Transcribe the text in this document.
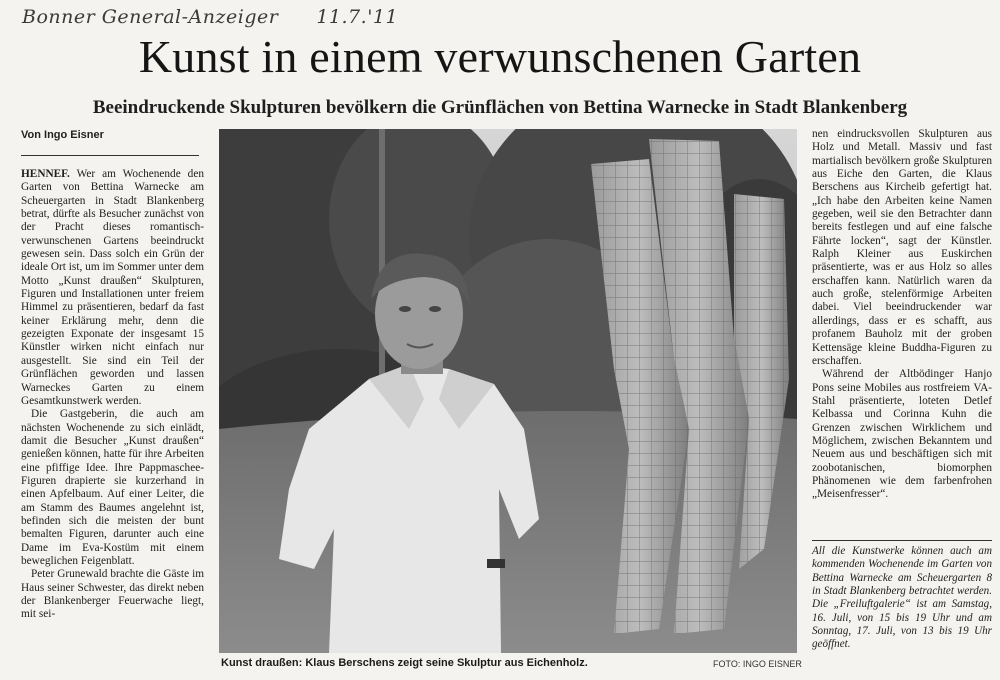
Bonner General-Anzeiger 11.7.'11
Kunst in einem verwunschenen Garten
Beeindruckende Skulpturen bevölkern die Grünflächen von Bettina Warnecke in Stadt Blankenberg
Von Ingo Eisner

HENNEF. Wer am Wochenende den Garten von Bettina Warnecke am Scheuergarten in Stadt Blankenberg betrat, dürfte als Besucher zunächst von der Pracht dieses romantisch-verwunschenen Gartens beeindruckt gewesen sein. Dass solch ein Grün der ideale Ort ist, um im Sommer unter dem Motto „Kunst draußen“ Skulpturen, Figuren und Installationen unter freiem Himmel zu präsentieren, bedarf da fast keiner Erklärung mehr, denn die gezeigten Exponate der insgesamt 15 Künstler wirken nicht einfach nur ausgestellt. Sie sind ein Teil der Grünflächen geworden und lassen Warneckes Garten zu einem Gesamtkunstwerk werden.

Die Gastgeberin, die auch am nächsten Wochenende zu sich einlädt, damit die Besucher „Kunst draußen“ genießen können, hatte für ihre Arbeiten eine pfiffige Idee. Ihre Pappmaschee-Figuren drapierte sie kurzerhand in einen Apfelbaum. Auf einer Leiter, die am Stamm des Baumes angelehnt ist, befinden sich die meisten der bunt bemalten Figuren, darunter auch eine Dame im Eva-Kostüm mit einem beweglichen Feigenblatt.

Peter Grunewald brachte die Gäste im Haus seiner Schwester, das direkt neben der Blankenberger Feuerwache liegt, mit sei-

Kunst draußen: Klaus Berschens zeigt seine Skulptur aus Eichenholz.	FOTO: INGO EISNER

nen eindrucksvollen Skulpturen aus Holz und Metall. Massiv und fast martialisch bevölkern große Skulpturen aus Eiche den Garten, die Klaus Berschens aus Kircheib gefertigt hat. „Ich habe den Arbeiten keine Namen gegeben, weil sie den Betrachter dann bereits festlegen und auf eine falsche Fährte locken“, sagt der Künstler. Ralph Kleiner aus Euskirchen präsentierte, was er aus Holz so alles erschaffen kann. Natürlich waren da auch große, stelenförmige Arbeiten dabei. Viel beeindruckender war allerdings, dass er es schafft, aus profanem Bauholz mit der groben Kettensäge kleine Buddha-Figuren zu erschaffen.

Während der Altbödinger Hanjo Pons seine Mobiles aus rostfreiem VA-Stahl präsentierte, loteten Detlef Kelbassa und Corinna Kuhn die Grenzen zwischen Wirklichem und Möglichem, zwischen Bekanntem und Neuem aus und beschäftigen sich mit zoobotanischen, biomorphen Phänomenen wie dem farbenfrohen „Meisenfresser“.

All die Kunstwerke können auch am kommenden Wochenende im Garten von Bettina Warnecke am Scheuergarten 8 in Stadt Blankenberg betrachtet werden. Die „Freiluftgalerie“ ist am Samstag, 16. Juli, von 15 bis 19 Uhr und am Sonntag, 17. Juli, von 13 bis 19 Uhr geöffnet.
